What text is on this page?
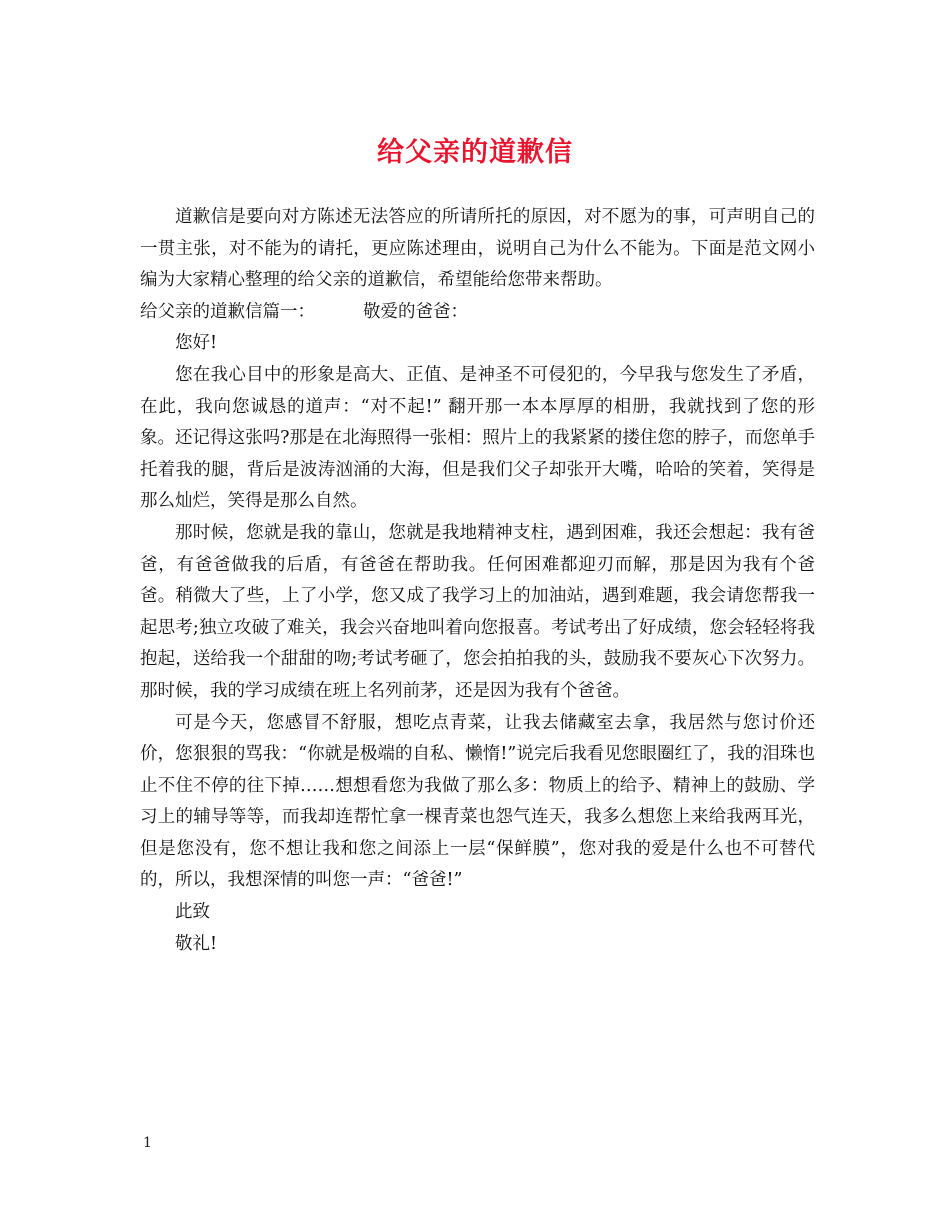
给父亲的道歉信

道歉信是要向对方陈述无法答应的所请所托的原因，对不愿为的事，可声明自己的一贯主张，对不能为的请托，更应陈述理由，说明自己为什么不能为。下面是范文网小编为大家精心整理的给父亲的道歉信，希望能给您带来帮助。

给父亲的道歉信篇一：	敬爱的爸爸：

您好!

您在我心目中的形象是高大、正值、是神圣不可侵犯的，今早我与您发生了矛盾，在此，我向您诚恳的道声：“对不起!” 翻开那一本本厚厚的相册，我就找到了您的形象。还记得这张吗?那是在北海照得一张相：照片上的我紧紧的搂住您的脖子，而您单手托着我的腿，背后是波涛汹涌的大海，但是我们父子却张开大嘴，哈哈的笑着，笑得是那么灿烂，笑得是那么自然。

那时候，您就是我的靠山，您就是我地精神支柱，遇到困难，我还会想起：我有爸爸，有爸爸做我的后盾，有爸爸在帮助我。任何困难都迎刃而解，那是因为我有个爸爸。稍微大了些，上了小学，您又成了我学习上的加油站，遇到难题，我会请您帮我一起思考;独立攻破了难关，我会兴奋地叫着向您报喜。考试考出了好成绩，您会轻轻将我抱起，送给我一个甜甜的吻;考试考砸了，您会拍拍我的头，鼓励我不要灰心下次努力。那时候，我的学习成绩在班上名列前茅，还是因为我有个爸爸。

可是今天，您感冒不舒服，想吃点青菜，让我去储藏室去拿，我居然与您讨价还价，您狠狠的骂我：“你就是极端的自私、懒惰!”说完后我看见您眼圈红了，我的泪珠也止不住不停的往下掉……想想看您为我做了那么多：物质上的给予、精神上的鼓励、学习上的辅导等等，而我却连帮忙拿一棵青菜也怨气连天，我多么想您上来给我两耳光，但是您没有，您不想让我和您之间添上一层“保鲜膜”，您对我的爱是什么也不可替代的，所以，我想深情的叫您一声：“爸爸!”

此致

敬礼!

1
